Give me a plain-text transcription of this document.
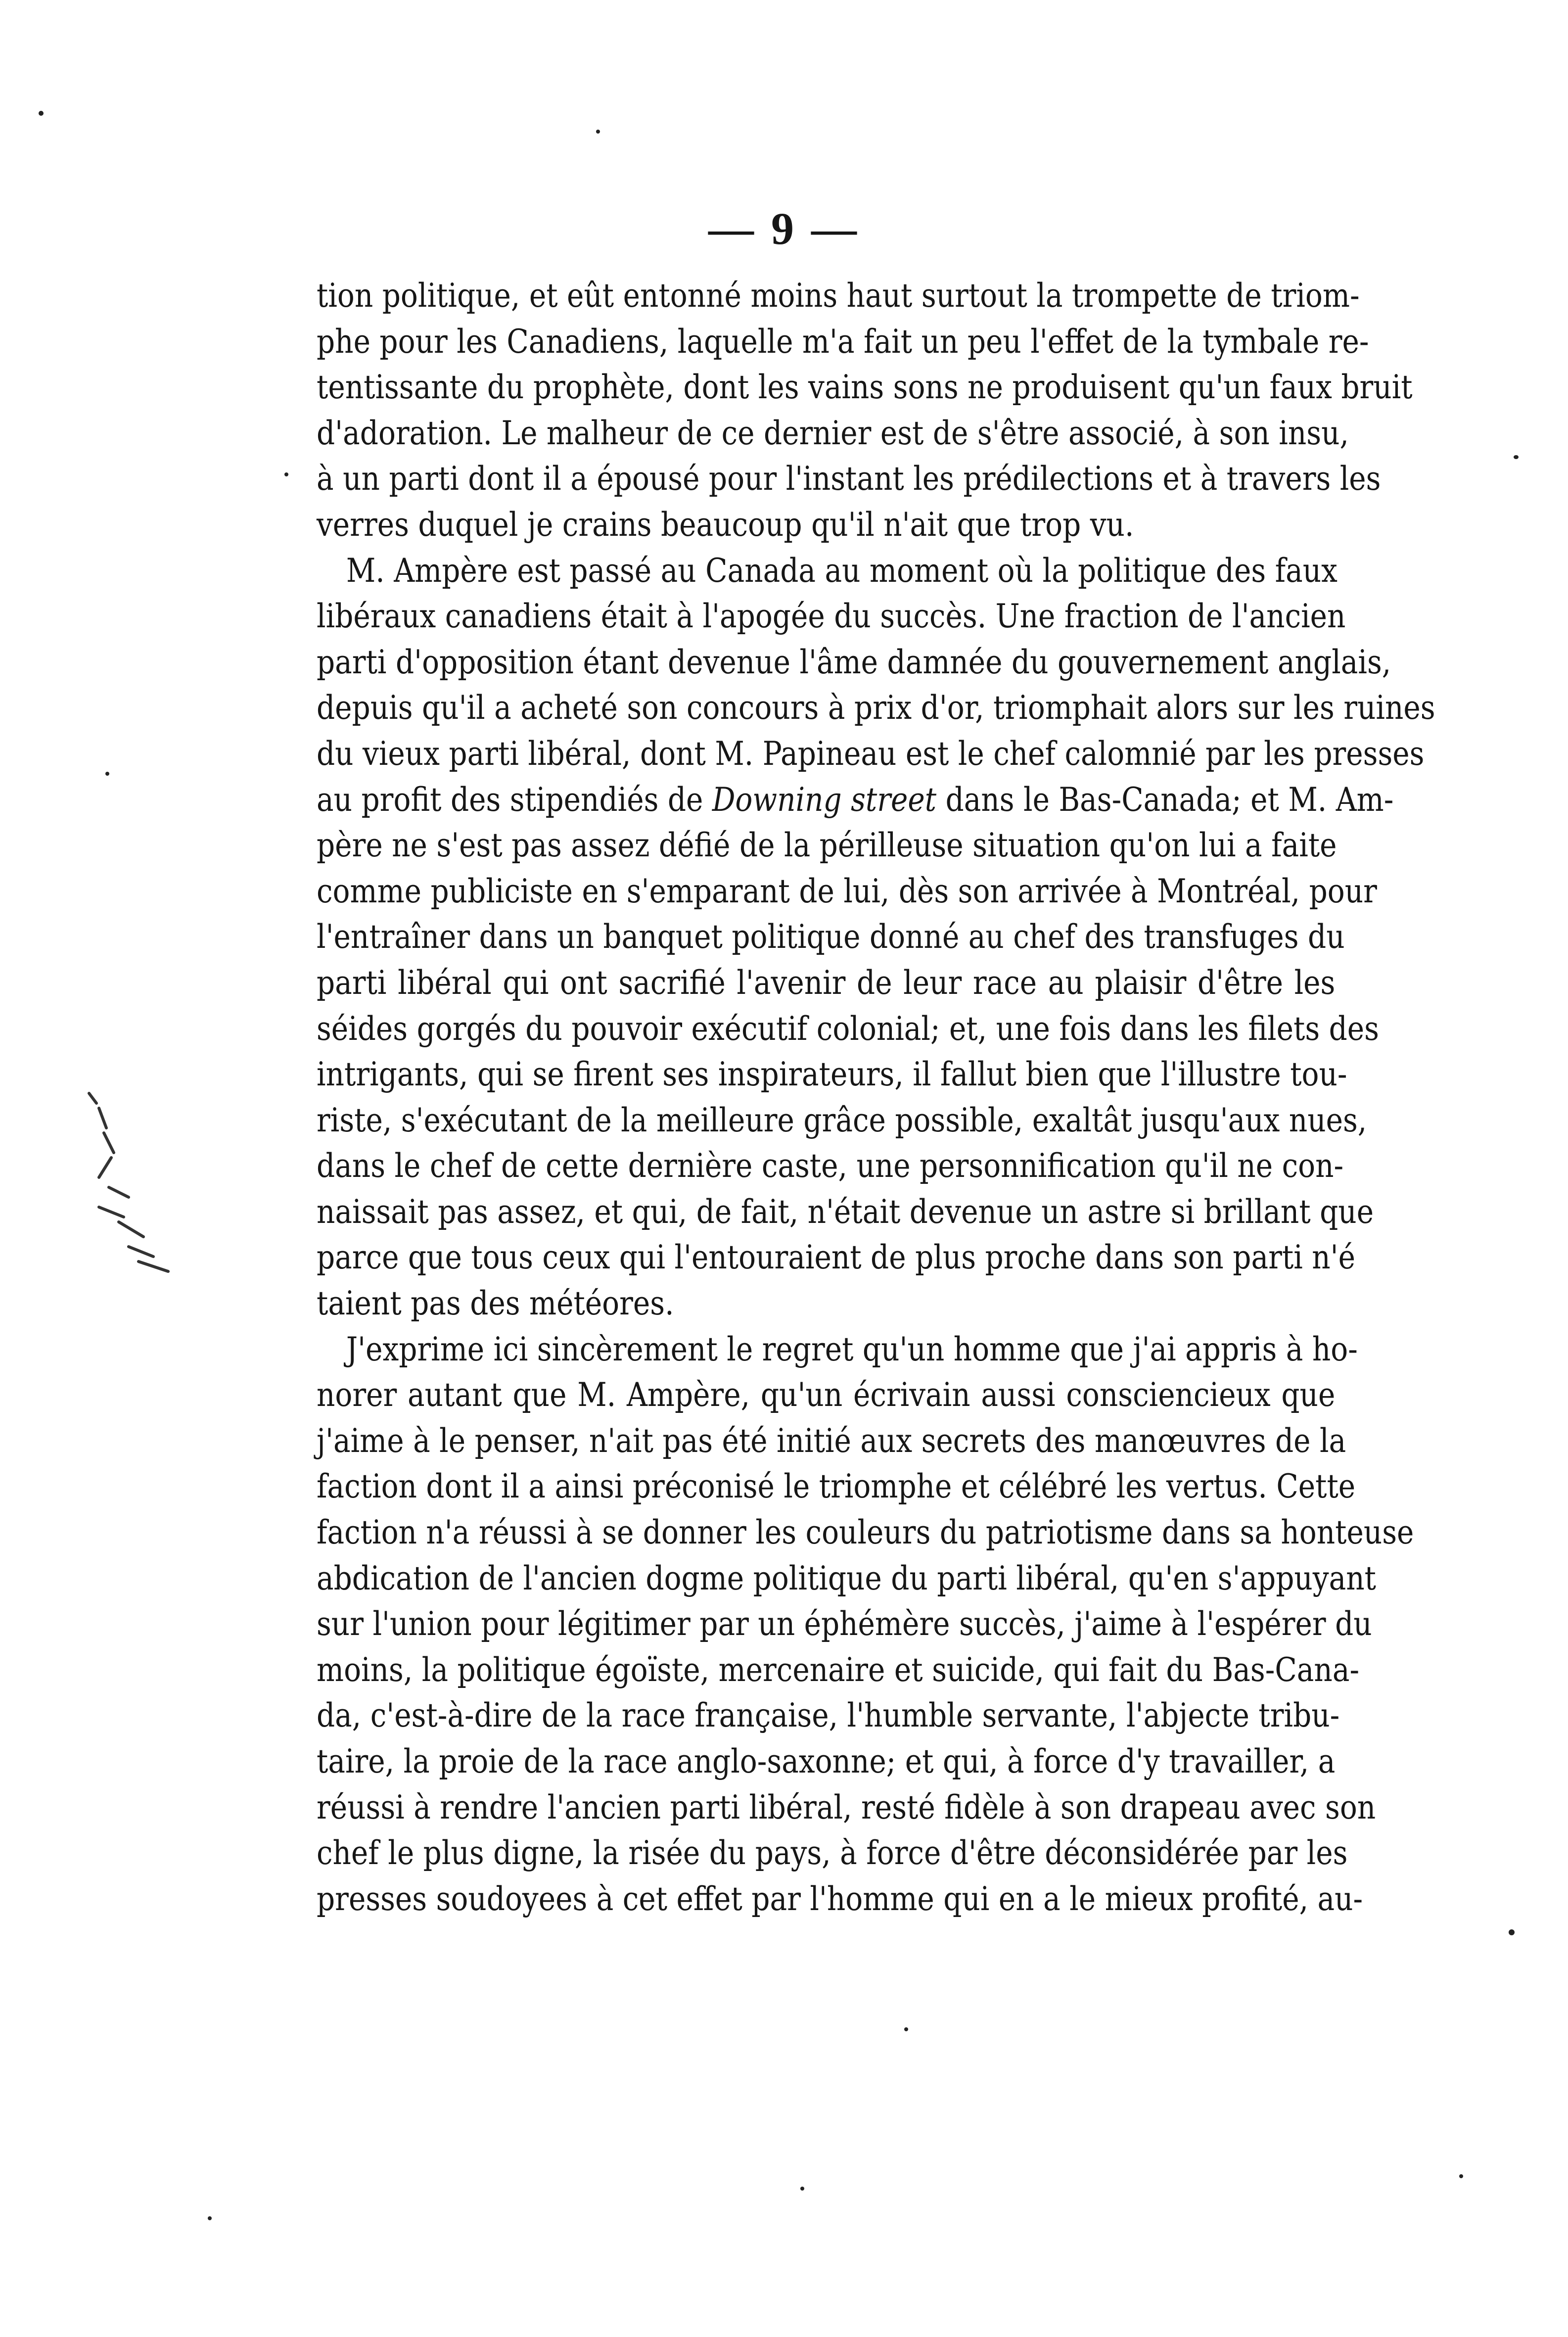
— 9 —
tion politique, et eût entonné moins haut surtout la trompette de triom-
phe pour les Canadiens, laquelle m'a fait un peu l'effet de la tymbale re-
tentissante du prophète, dont les vains sons ne produisent qu'un faux bruit
d'adoration. Le malheur de ce dernier est de s'être associé, à son insu,
à un parti dont il a épousé pour l'instant les prédilections et à travers les
verres duquel je crains beaucoup qu'il n'ait que trop vu.
M. Ampère est passé au Canada au moment où la politique des faux
libéraux canadiens était à l'apogée du succès. Une fraction de l'ancien
parti d'opposition étant devenue l'âme damnée du gouvernement anglais,
depuis qu'il a acheté son concours à prix d'or, triomphait alors sur les ruines
du vieux parti libéral, dont M. Papineau est le chef calomnié par les presses
au profit des stipendiés de Downing street dans le Bas-Canada; et M. Am-
père ne s'est pas assez défié de la périlleuse situation qu'on lui a faite
comme publiciste en s'emparant de lui, dès son arrivée à Montréal, pour
l'entraîner dans un banquet politique donné au chef des transfuges du
parti libéral qui ont sacrifié l'avenir de leur race au plaisir d'être les
séides gorgés du pouvoir exécutif colonial; et, une fois dans les filets des
intrigants, qui se firent ses inspirateurs, il fallut bien que l'illustre tou-
riste, s'exécutant de la meilleure grâce possible, exaltât jusqu'aux nues,
dans le chef de cette dernière caste, une personnification qu'il ne con-
naissait pas assez, et qui, de fait, n'était devenue un astre si brillant que
parce que tous ceux qui l'entouraient de plus proche dans son parti n'é
taient pas des météores.
J'exprime ici sincèrement le regret qu'un homme que j'ai appris à ho-
norer autant que M. Ampère, qu'un écrivain aussi consciencieux que
j'aime à le penser, n'ait pas été initié aux secrets des manœuvres de la
faction dont il a ainsi préconisé le triomphe et célébré les vertus. Cette
faction n'a réussi à se donner les couleurs du patriotisme dans sa honteuse
abdication de l'ancien dogme politique du parti libéral, qu'en s'appuyant
sur l'union pour légitimer par un éphémère succès, j'aime à l'espérer du
moins, la politique égoïste, mercenaire et suicide, qui fait du Bas-Cana-
da, c'est-à-dire de la race française, l'humble servante, l'abjecte tribu-
taire, la proie de la race anglo-saxonne; et qui, à force d'y travailler, a
réussi à rendre l'ancien parti libéral, resté fidèle à son drapeau avec son
chef le plus digne, la risée du pays, à force d'être déconsidérée par les
presses soudoyees à cet effet par l'homme qui en a le mieux profité, au-
